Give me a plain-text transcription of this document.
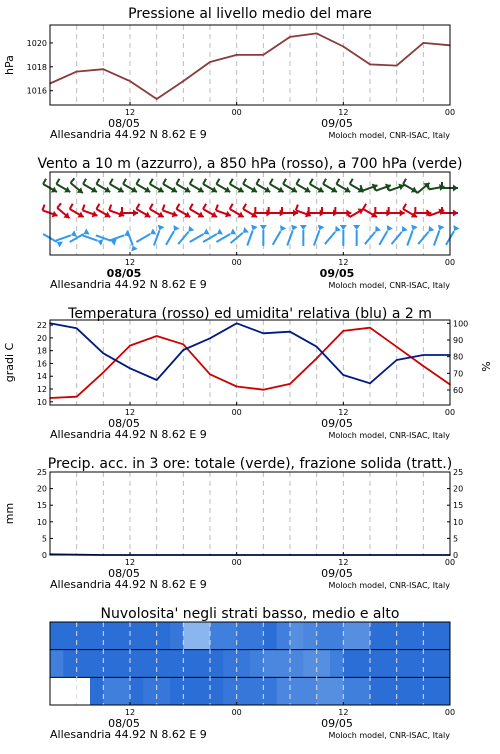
Pressione al livello medio del mare
12	00	12	00
08/05	09/05
Allesandria 44.92 N 8.62 E 9	Moloch model, CNR-ISAC, Italy
1016
1018
1020
hPa
Vento a 10 m (azzurro), a 850 hPa (rosso), a 700 hPa (verde)
12	00	12	00
08/05	09/05
Allesandria 44.92 N 8.62 E 9	Moloch model, CNR-ISAC, Italy
Temperatura (rosso) ed umidita' relativa (blu) a 2 m
12	00	12	00
08/05	09/05
Allesandria 44.92 N 8.62 E 9	Moloch model, CNR-ISAC, Italy
10
12
14
16
18
20
22
60
70
80
90
100
gradi C	%
Precip. acc. in 3 ore: totale (verde), frazione solida (tratt.)
12	00	12	00
08/05	09/05
Allesandria 44.92 N 8.62 E 9	Moloch model, CNR-ISAC, Italy
0
5
10
15
20
25
0
5
10
15
20
25
mm
Nuvolosita' negli strati basso, medio e alto
12	00	12	00
08/05	09/05
Allesandria 44.92 N 8.62 E 9	Moloch model, CNR-ISAC, Italy
